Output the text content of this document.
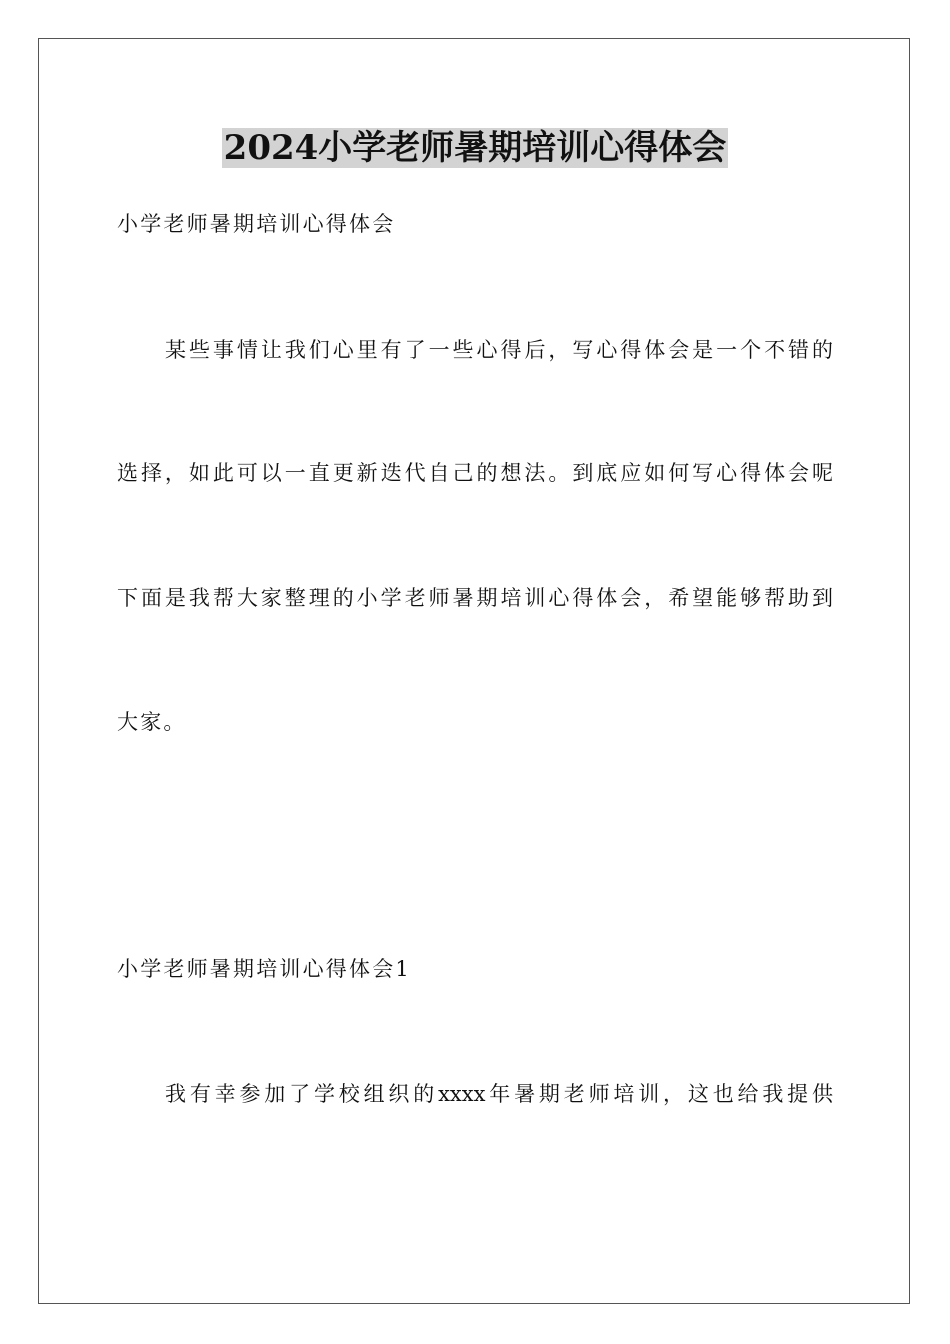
2024小学老师暑期培训心得体会
小学老师暑期培训心得体会
某些事情让我们心里有了一些心得后，写心得体会是一个不错的
选择，如此可以一直更新迭代自己的想法。到底应如何写心得体会呢
下面是我帮大家整理的小学老师暑期培训心得体会，希望能够帮助到
大家。
小学老师暑期培训心得体会1
我有幸参加了学校组织的xxxx年暑期老师培训，这也给我提供
